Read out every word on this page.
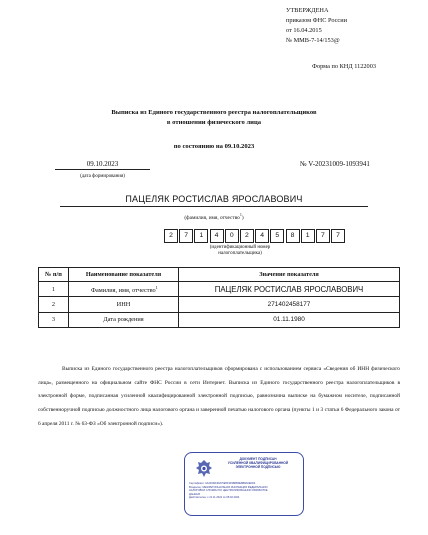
УТВЕРЖДЕНА
приказом ФНС России
от 16.04.2015
№ ММВ-7-14/153@
Форма по КНД 1122003
Выписка из Единого государственного реестра налогоплательщиков
в отношении физического лица
по состоянию на 09.10.2023
09.10.2023
(дата формирования)
№ V-20231009-1093941
ПАЦЕЛЯК РОСТИСЛАВ ЯРОСЛАВОВИЧ
(фамилия, имя, отчество$^1$)
2	7	1	4	0	2	4	5	8	1	7	7
(идентификационный номер налогоплательщика)
№ п/п	Наименование показателя	Значение показателя
1	Фамилия, имя, отчество$^1$	ПАЦЕЛЯК РОСТИСЛАВ ЯРОСЛАВОВИЧ
2	ИНН	271402458177
3	Дата рождения	01.11.1980
Выписка из Единого государственного реестра налогоплательщиков сформирована с использованием сервиса «Сведения об ИНН физического лица», размещенного на официальном сайте ФНС России в сети Интернет. Выписка из Единого государственного реестра налогоплательщиков в электронной форме, подписанная усиленной квалифицированной электронной подписью, равнозначна выписке на бумажном носителе, подписанной собственноручной подписью должностного лица налогового органа и заверенной печатью налогового органа (пункты 1 и 3 статьи 6 Федерального закона от 6 апреля 2011 г. № 63-ФЗ «Об электронной подписи»).
ДОКУМЕНТ ПОДПИСАН
УСИЛЕННОЙ КВАЛИФИЦИРОВАННОЙ
ЭЛЕКТРОННОЙ ПОДПИСЬЮ
Сертификат: 3A4F0D0462C5E5F3F9B6B0E8B8A0E0D4
Владелец: МЕЖРЕГИОНАЛЬНАЯ ИНСПЕКЦИЯ ФЕДЕРАЛЬНОЙ
НАЛОГОВОЙ СЛУЖБЫ ПО ЦЕНТРАЛИЗОВАННОЙ ОБРАБОТКЕ
ДАННЫХ
Действителен: с 21.11.2022 по 08.02.2024
